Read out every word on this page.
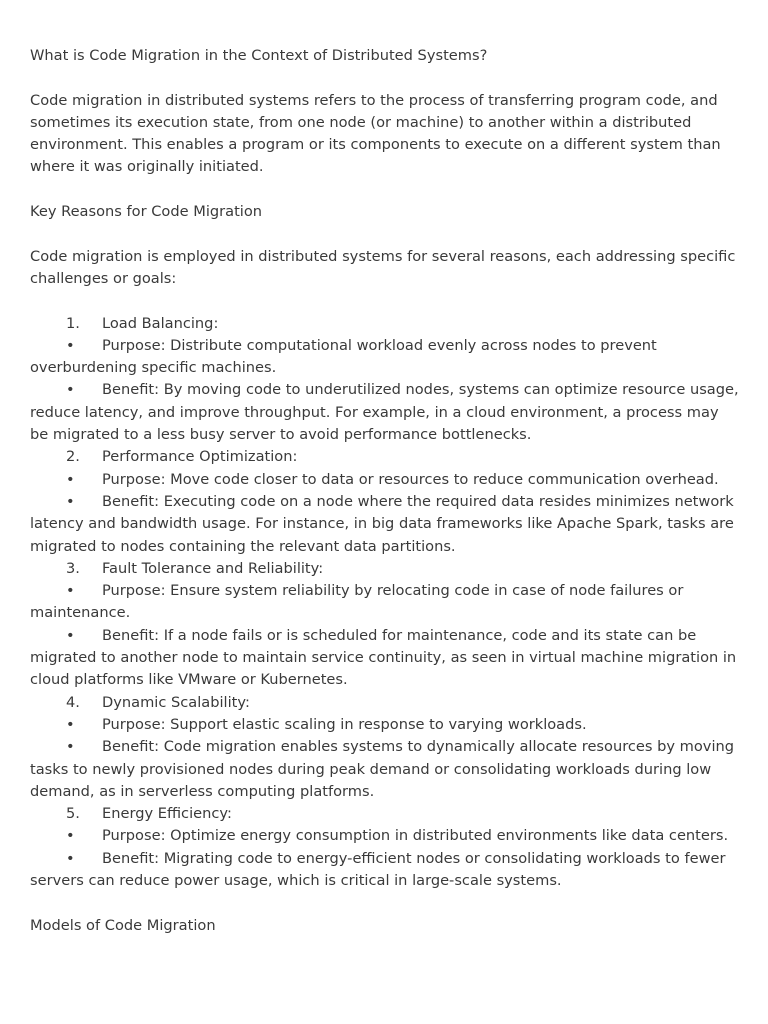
What is Code Migration in the Context of Distributed Systems?

Code migration in distributed systems refers to the process of transferring program code, and sometimes its execution state, from one node (or machine) to another within a distributed environment. This enables a program or its components to execute on a different system than where it was originally initiated.

Key Reasons for Code Migration

Code migration is employed in distributed systems for several reasons, each addressing specific challenges or goals:

1. Load Balancing:

• Purpose: Distribute computational workload evenly across nodes to prevent overburdening specific machines.

• Benefit: By moving code to underutilized nodes, systems can optimize resource usage, reduce latency, and improve throughput. For example, in a cloud environment, a process may be migrated to a less busy server to avoid performance bottlenecks.

2. Performance Optimization:

• Purpose: Move code closer to data or resources to reduce communication overhead.

• Benefit: Executing code on a node where the required data resides minimizes network latency and bandwidth usage. For instance, in big data frameworks like Apache Spark, tasks are migrated to nodes containing the relevant data partitions.

3. Fault Tolerance and Reliability:

• Purpose: Ensure system reliability by relocating code in case of node failures or maintenance.

• Benefit: If a node fails or is scheduled for maintenance, code and its state can be migrated to another node to maintain service continuity, as seen in virtual machine migration in cloud platforms like VMware or Kubernetes.

4. Dynamic Scalability:

• Purpose: Support elastic scaling in response to varying workloads.

• Benefit: Code migration enables systems to dynamically allocate resources by moving tasks to newly provisioned nodes during peak demand or consolidating workloads during low demand, as in serverless computing platforms.

5. Energy Efficiency:

• Purpose: Optimize energy consumption in distributed environments like data centers.

• Benefit: Migrating code to energy-efficient nodes or consolidating workloads to fewer servers can reduce power usage, which is critical in large-scale systems.

Models of Code Migration
